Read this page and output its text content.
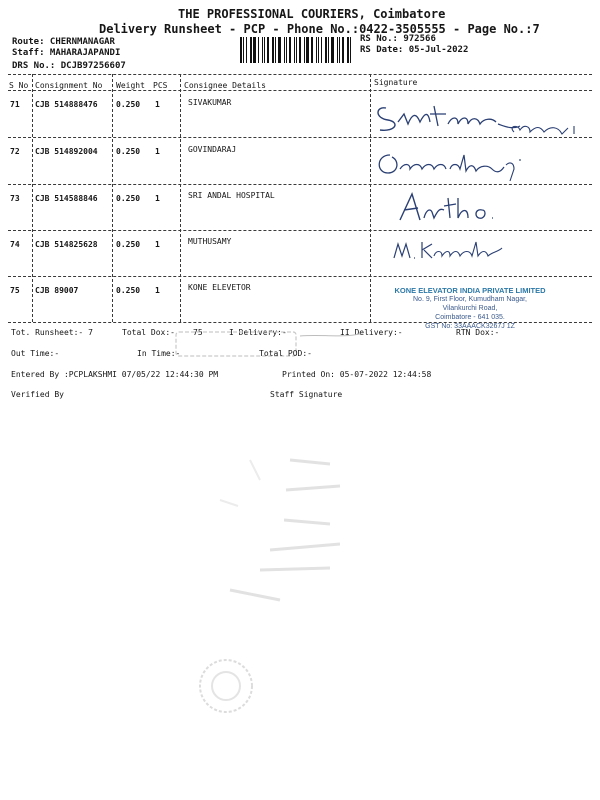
THE PROFESSIONAL COURIERS, Coimbatore
Delivery Runsheet - PCP - Phone No.:0422-3505555 - Page No.:7
Route: CHERNMANAGAR
Staff: MAHARAJAPANDI
DRS No.: DCJB97256607
RS No.: 972566
RS Date: 05-Jul-2022
S No Consignment No Weight PCS Consignee Details	Signature
71 CJB 514888476 0.250 1	SIVAKUMAR
72 CJB 514892004 0.250 1	GOVINDARAJ
73 CJB 514588846 0.250 1	SRI ANDAL HOSPITAL
74 CJB 514825628 0.250 1	MUTHUSAMY
75 CJB 89007	0.250 1	KONE ELEVETOR	KONE ELEVATOR INDIA PRIVATE LIMITED
No. 9, First Floor, Kumudham Nagar,
Vilankurchi Road,
Coimbatore - 641 035.
GST No: 33AAACK3267J 1Z
Tot. Runsheet:- 7	Total Dox:- 75	I Delivery:-	II Delivery:-	RTN Dox:-
Out Time:-	In Time:-	Total POD:-
Entered By :PCPLAKSHMI 07/05/22 12:44:30 PM	Printed On: 05-07-2022 12:44:58
Verified By	Staff Signature
